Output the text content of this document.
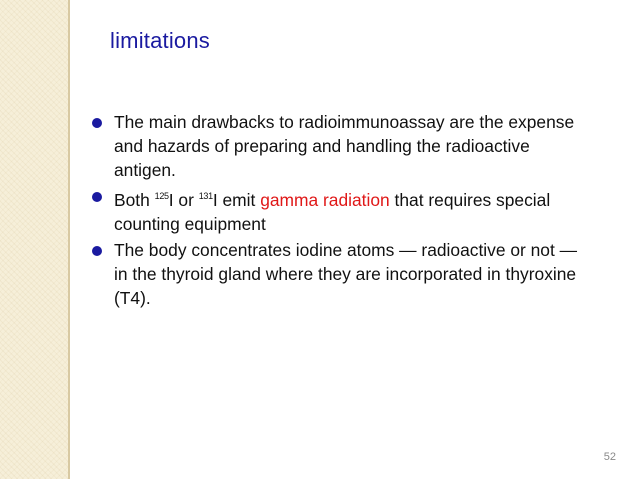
limitations
The main drawbacks to radioimmunoassay are the expense and hazards of preparing and handling the radioactive antigen.
Both $^{125}$I or $^{131}$I emit gamma radiation that requires special counting equipment
The body concentrates iodine atoms — radioactive or not — in the thyroid gland where they are incorporated in thyroxine (T4).
52
